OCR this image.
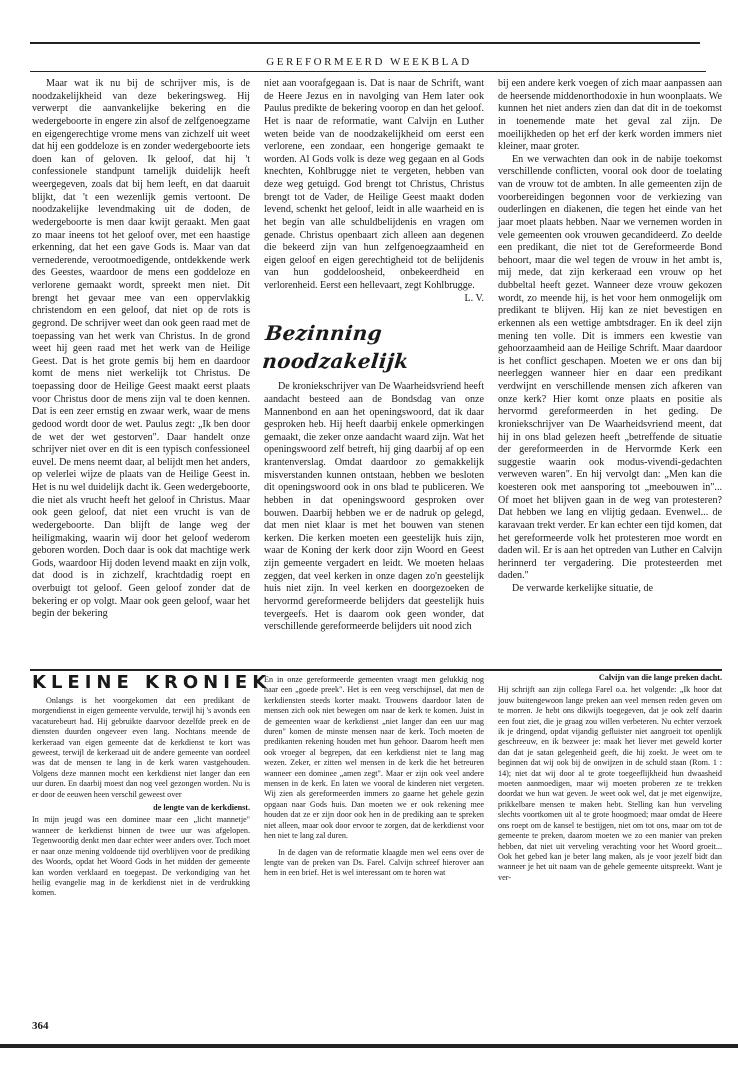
GEREFORMEERD WEEKBLAD

Maar wat ik nu bij de schrijver mis, is de noodzakelijkheid van deze bekeringsweg. Hij verwerpt die aanvankelijke bekering en die wedergeboorte in engere zin alsof de zelfgenoegzame en eigengerechtige vrome mens van zichzelf uit weet dat hij een goddeloze is en zonder wedergeboorte iets doen kan of geloven. Ik geloof, dat hij 't confessionele standpunt tamelijk duidelijk heeft weergegeven, zoals dat bij hem leeft, en dat daaruit blijkt, dat 't een wezenlijk gemis vertoont. De noodzakelijke levendmaking uit de doden, de wedergeboorte is men daar kwijt geraakt. Men gaat zo maar ineens tot het geloof over, met een haastige erkenning, dat het een gave Gods is. Maar van dat vernederende, verootmoedigende, ontdekkende werk des Geestes, waardoor de mens een goddeloze en verlorene gemaakt wordt, spreekt men niet. Dit brengt het gevaar mee van een oppervlakkig christendom en een geloof, dat niet op de rots is gegrond. De schrijver weet dan ook geen raad met de toepassing van het werk van Christus. In de grond weet hij geen raad met het werk van de Heilige Geest. Dat is het grote gemis bij hem en daardoor komt de mens niet werkelijk tot Christus. De toepassing door de Heilige Geest maakt eerst plaats voor Christus door de mens zijn val te doen kennen. Dat is een zeer ernstig en zwaar werk, waar de mens gedood wordt door de wet. Paulus zegt: „Ik ben door de wet der wet gestorven". Daar handelt onze schrijver niet over en dit is een typisch confessioneel euvel. De mens neemt daar, al belijdt men het anders, op velerlei wijze de plaats van de Heilige Geest in. Het is nu wel duidelijk dacht ik. Geen wedergeboorte, die niet als vrucht heeft het geloof in Christus. Maar ook geen geloof, dat niet een vrucht is van de wedergeboorte. Dan blijft de lange weg der heiligmaking, waarin wij door het geloof wederom geboren worden. Doch daar is ook dat machtige werk Gods, waardoor Hij doden levend maakt en zijn volk, dat dood is in zichzelf, krachtdadig roept en overbuigt tot geloof. Geen geloof zonder dat de bekering er op volgt. Maar ook geen geloof, waar het begin der bekering

niet aan voorafgegaan is. Dat is naar de Schrift, want de Heere Jezus en in navolging van Hem later ook Paulus predikte de bekering voorop en dan het geloof. Het is naar de reformatie, want Calvijn en Luther weten beide van de noodzakelijkheid om eerst een verlorene, een zondaar, een hongerige gemaakt te worden. Al Gods volk is deze weg gegaan en al Gods knechten, Kohlbrugge niet te vergeten, hebben van deze weg getuigd. God brengt tot Christus, Christus brengt tot de Vader, de Heilige Geest maakt doden levend, schenkt het geloof, leidt in alle waarheid en is het begin van alle schuldbelijdenis en vragen om genade. Christus openbaart zich alleen aan degenen die bekeerd zijn van hun zelfgenoegzaamheid en eigen geloof en eigen gerechtigheid tot de belijdenis van hun goddeloosheid, onbekeerdheid en verlorenheid. Eerst een hellevaart, zegt Kohlbrugge.

L. V.
Bezinning noodzakelijk

De kroniekschrijver van De Waarheidsvriend heeft aandacht besteed aan de Bondsdag van onze Mannenbond en aan het openingswoord, dat ik daar gesproken heb. Hij heeft daarbij enkele opmerkingen gemaakt, die zeker onze aandacht waard zijn. Wat het openingswoord zelf betreft, hij ging daarbij af op een krantenverslag. Omdat daardoor zo gemakkelijk misverstanden kunnen ontstaan, hebben we besloten dit openingswoord ook in ons blad te publiceren. We hebben in dat openingswoord gesproken over bouwen. Daarbij hebben we er de nadruk op gelegd, dat men niet klaar is met het bouwen van stenen kerken. Die kerken moeten een geestelijk huis zijn, waar de Koning der kerk door zijn Woord en Geest zijn gemeente vergadert en leidt. We moeten helaas zeggen, dat veel kerken in onze dagen zo'n geestelijk huis niet zijn. In veel kerken en doorgezoeken de hervormd gereformeerde belijders dat geestelijk huis tevergeefs. Het is daarom ook geen wonder, dat verschillende gereformeerde belijders uit nood zich

bij een andere kerk voegen of zich maar aanpassen aan de heersende middenorthodoxie in hun woonplaats. We kunnen het niet anders zien dan dat dit in de toekomst in toenemende mate het geval zal zijn. De moeilijkheden op het erf der kerk worden immers niet kleiner, maar groter.

En we verwachten dan ook in de nabije toekomst verschillende conflicten, vooral ook door de toelating van de vrouw tot de ambten. In alle gemeenten zijn de voorbereidingen begonnen voor de verkiezing van ouderlingen en diakenen, die tegen het einde van het jaar moet plaats hebben. Naar we vernemen worden in vele gemeenten ook vrouwen gecandideerd. Zo deelde een predikant, die niet tot de Gereformeerde Bond behoort, maar die wel tegen de vrouw in het ambt is, mij mede, dat zijn kerkeraad een vrouw op het dubbeltal heeft gezet. Wanneer deze vrouw gekozen wordt, zo meende hij, is het voor hem onmogelijk om predikant te blijven. Hij kan ze niet bevestigen en erkennen als een wettige ambtsdrager. En ik deel zijn mening ten volle. Dit is immers een kwestie van gehoorzaamheid aan de Heilige Schrift. Maar daardoor is het conflict geschapen. Moeten we er ons dan bij neerleggen wanneer hier en daar een predikant verdwijnt en verschillende mensen zich afkeren van onze kerk? Hier komt onze plaats en positie als hervormd gereformeerden in het geding. De kroniekschrijver van De Waarheidsvriend meent, dat hij in ons blad gelezen heeft „betreffende de situatie der gereformeerden in de Hervormde Kerk een suggestie waarin ook modus-vivendi-gedachten verweven waren". En hij vervolgt dan: „Men kan die koesteren ook met aansporing tot „meebouwen in"... Of moet het blijven gaan in de weg van protesteren? Dat hebben we lang en vlijtig gedaan. Evenwel... de karavaan trekt verder. Er kan echter een tijd komen, dat het gereformeerde volk het protesteren moe wordt en daden wil. Er is aan het optreden van Luther en Calvijn herinnerd ter vergadering. Die protesteerden met daden."

De verwarde kerkelijke situatie, de

KLEINE KRONIEK

Onlangs is het voorgekomen dat een predikant de morgendienst in eigen gemeente vervulde, terwijl hij 's avonds een vacaturebeurt had. Hij gebruikte daarvoor dezelfde preek en de diensten duurden ongeveer even lang. Nochtans meende de kerkeraad van eigen gemeente dat de kerkdienst te kort was geweest, terwijl de kerkeraad uit de andere gemeente van oordeel was dat de mensen te lang in de kerk waren vastgehouden. Volgens deze mannen mocht een kerkdienst niet langer dan een uur duren. En daarbij moest dan nog veel gezongen worden. Nu is er door de eeuwen heen verschil geweest over

de lengte van de kerkdienst.

In mijn jeugd was een dominee maar een „licht mannetje" wanneer de kerkdienst binnen de twee uur was afgelopen. Tegenwoordig denkt men daar echter weer anders over. Toch moet er naar onze mening voldoende tijd overblijven voor de prediking des Woords, opdat het Woord Gods in het midden der gemeente kan worden verklaard en toegepast. De verkondiging van het heilig evangelie mag in de kerkdienst niet in de verdrukking komen.

En in onze gereformeerde gemeenten vraagt men gelukkig nog naar een „goede preek". Het is een veeg verschijnsel, dat men de kerkdiensten steeds korter maakt. Trouwens daardoor laten de mensen zich ook niet bewegen om naar de kerk te komen. Juist in de gemeenten waar de kerkdienst „niet langer dan een uur mag duren" komen de minste mensen naar de kerk. Toch moeten de predikanten rekening houden met hun gehoor. Daarom heeft men ook vroeger al begrepen, dat een kerkdienst niet te lang mag wezen. Zeker, er zitten wel mensen in de kerk die het betreuren wanneer een dominee „amen zegt". Maar er zijn ook veel andere mensen in de kerk. En laten we vooral de kinderen niet vergeten. Wij zien als gereformeerden immers zo gaarne het gehele gezin opgaan naar Gods huis. Dan moeten we er ook rekening mee houden dat ze er zijn door ook hen in de prediking aan te spreken niet alleen, maar ook door ervoor te zorgen, dat de kerkdienst voor hen niet te lang zal duren.

In de dagen van de reformatie klaagde men wel eens over de lengte van de preken van Ds. Farel. Calvijn schreef hierover aan hem in een brief. Het is wel interessant om te horen wat

Calvijn van die lange preken dacht.

Hij schrijft aan zijn collega Farel o.a. het volgende: „Ik hoor dat jouw buitengewoon lange preken aan veel mensen reden geven om te morren. Je hebt ons dikwijls toegegeven, dat je ook zelf daarin een fout ziet, die je graag zou willen verbeteren. Nu echter verzoek ik je dringend, opdat vijandig gefluister niet aangroeit tot openlijk geschreeuw, en ik bezweer je: maak het liever met geweld korter dan dat je satan gelegenheid geeft, die hij zoekt. Je weet om te beginnen dat wij ook bij de onwijzen in de schuld staan (Rom. 1 : 14); niet dat wij door al te grote toegeeflijkheid hun dwaasheid moeten aanmoedigen, maar wij moeten proberen ze te trekken doordat we hun wat geven. Je weet ook wel, dat je met eigenwijze, prikkelbare mensen te maken hebt. Stelling kan hun verveling slechts voortkomen uit al te grote hoogmoed; maar omdat de Heere ons roept om de kansel te bestijgen, niet om tot ons, maar om tot de gemeente te preken, daarom moeten we zo een manier van preken hebben, dat niet uit verveling verachting voor het Woord groeit... Ook het gebed kan je beter lang maken, als je voor jezelf bidt dan wanneer je het uit naam van de gehele gemeente uitspreekt. Want je ver-

364
